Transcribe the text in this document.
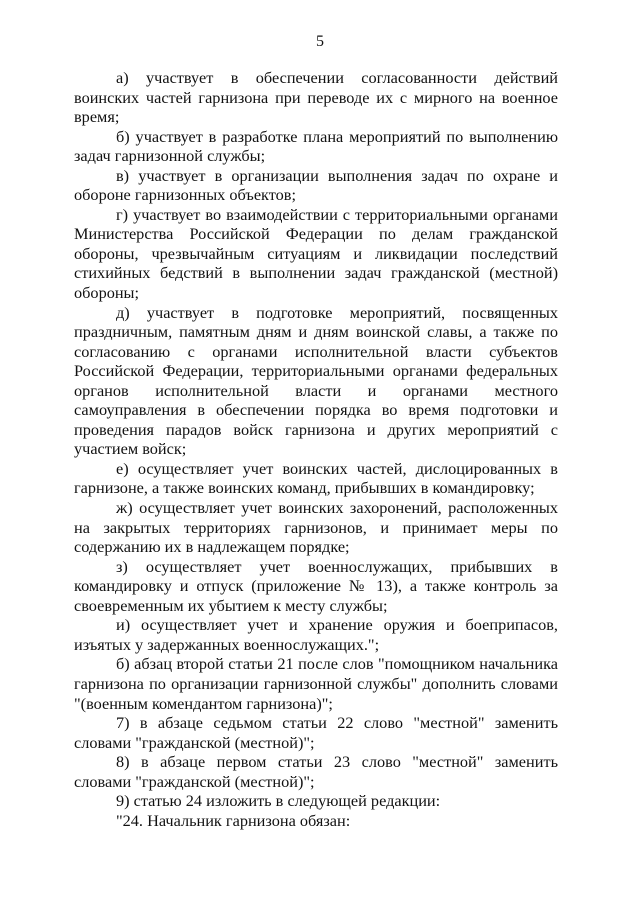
5

а) участвует в обеспечении согласованности действий воинских частей гарнизона при переводе их с мирного на военное время;

б) участвует в разработке плана мероприятий по выполнению задач гарнизонной службы;

в) участвует в организации выполнения задач по охране и обороне гарнизонных объектов;

г) участвует во взаимодействии с территориальными органами Министерства Российской Федерации по делам гражданской обороны, чрезвычайным ситуациям и ликвидации последствий стихийных бедствий в выполнении задач гражданской (местной) обороны;

д) участвует в подготовке мероприятий, посвященных праздничным, памятным дням и дням воинской славы, а также по согласованию с органами исполнительной власти субъектов Российской Федерации, территориальными органами федеральных органов исполнительной власти и органами местного самоуправления в обеспечении порядка во время подготовки и проведения парадов войск гарнизона и других мероприятий с участием войск;

е) осуществляет учет воинских частей, дислоцированных в гарнизоне, а также воинских команд, прибывших в командировку;

ж) осуществляет учет воинских захоронений, расположенных на закрытых территориях гарнизонов, и принимает меры по содержанию их в надлежащем порядке;

з) осуществляет учет военнослужащих, прибывших в командировку и отпуск (приложение № 13), а также контроль за своевременным их убытием к месту службы;

и) осуществляет учет и хранение оружия и боеприпасов, изъятых у задержанных военнослужащих.";

б) абзац второй статьи 21 после слов "помощником начальника гарнизона по организации гарнизонной службы" дополнить словами "(военным комендантом гарнизона)";

7) в абзаце седьмом статьи 22 слово "местной" заменить словами "гражданской (местной)";

8) в абзаце первом статьи 23 слово "местной" заменить словами "гражданской (местной)";

9) статью 24 изложить в следующей редакции:

"24. Начальник гарнизона обязан:
